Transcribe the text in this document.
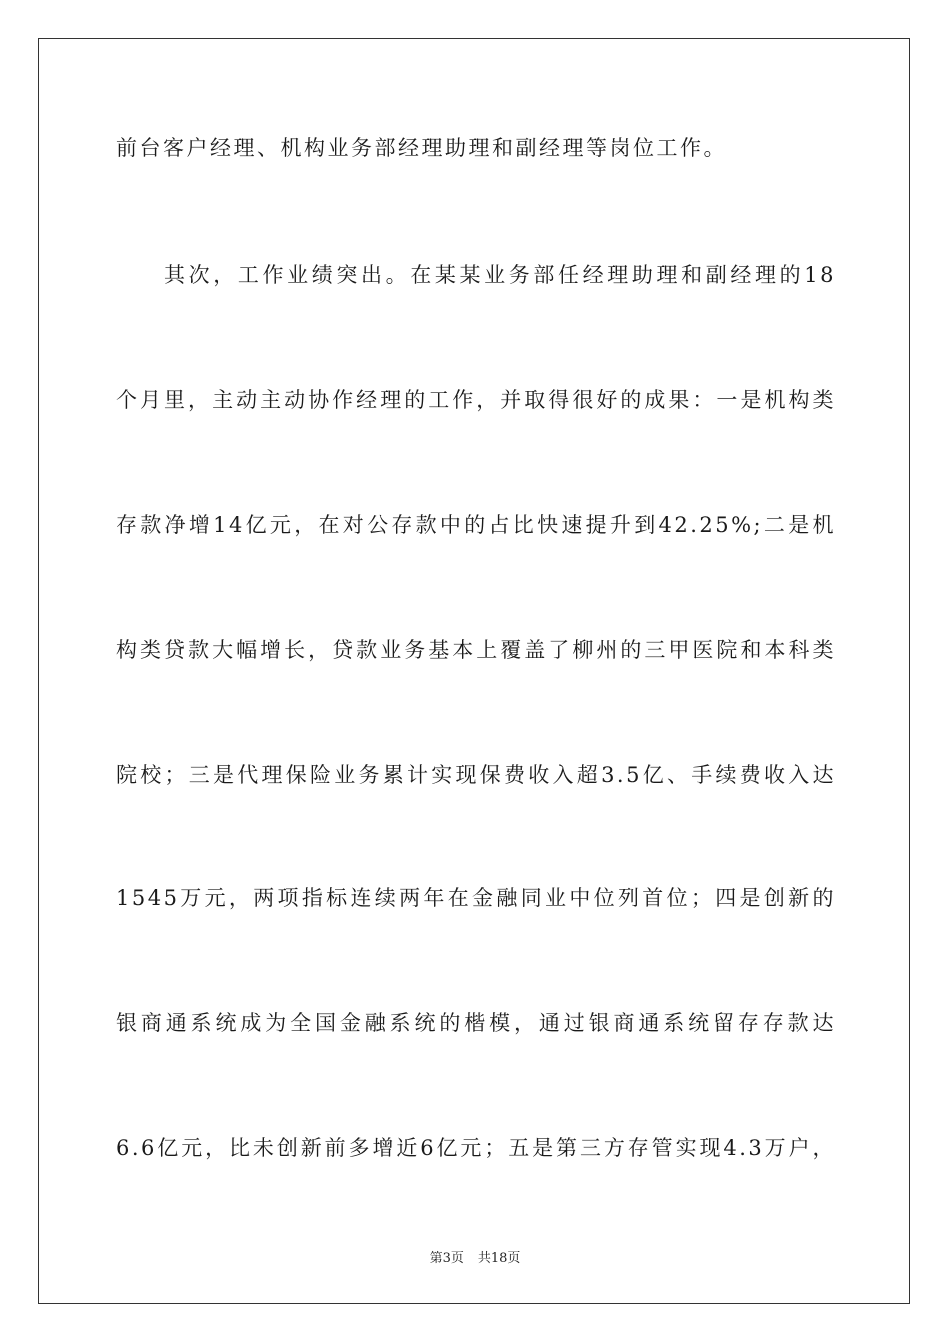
前台客户经理、机构业务部经理助理和副经理等岗位工作。
其次，工作业绩突出。在某某业务部任经理助理和副经理的18
个月里，主动主动协作经理的工作，并取得很好的成果：一是机构类
存款净增14亿元，在对公存款中的占比快速提升到42.25%;二是机
构类贷款大幅增长，贷款业务基本上覆盖了柳州的三甲医院和本科类
院校；三是代理保险业务累计实现保费收入超3.5亿、手续费收入达
1545万元，两项指标连续两年在金融同业中位列首位；四是创新的
银商通系统成为全国金融系统的楷模，通过银商通系统留存存款达
6.6亿元，比未创新前多增近6亿元；五是第三方存管实现4.3万户，
第3页 共18页
